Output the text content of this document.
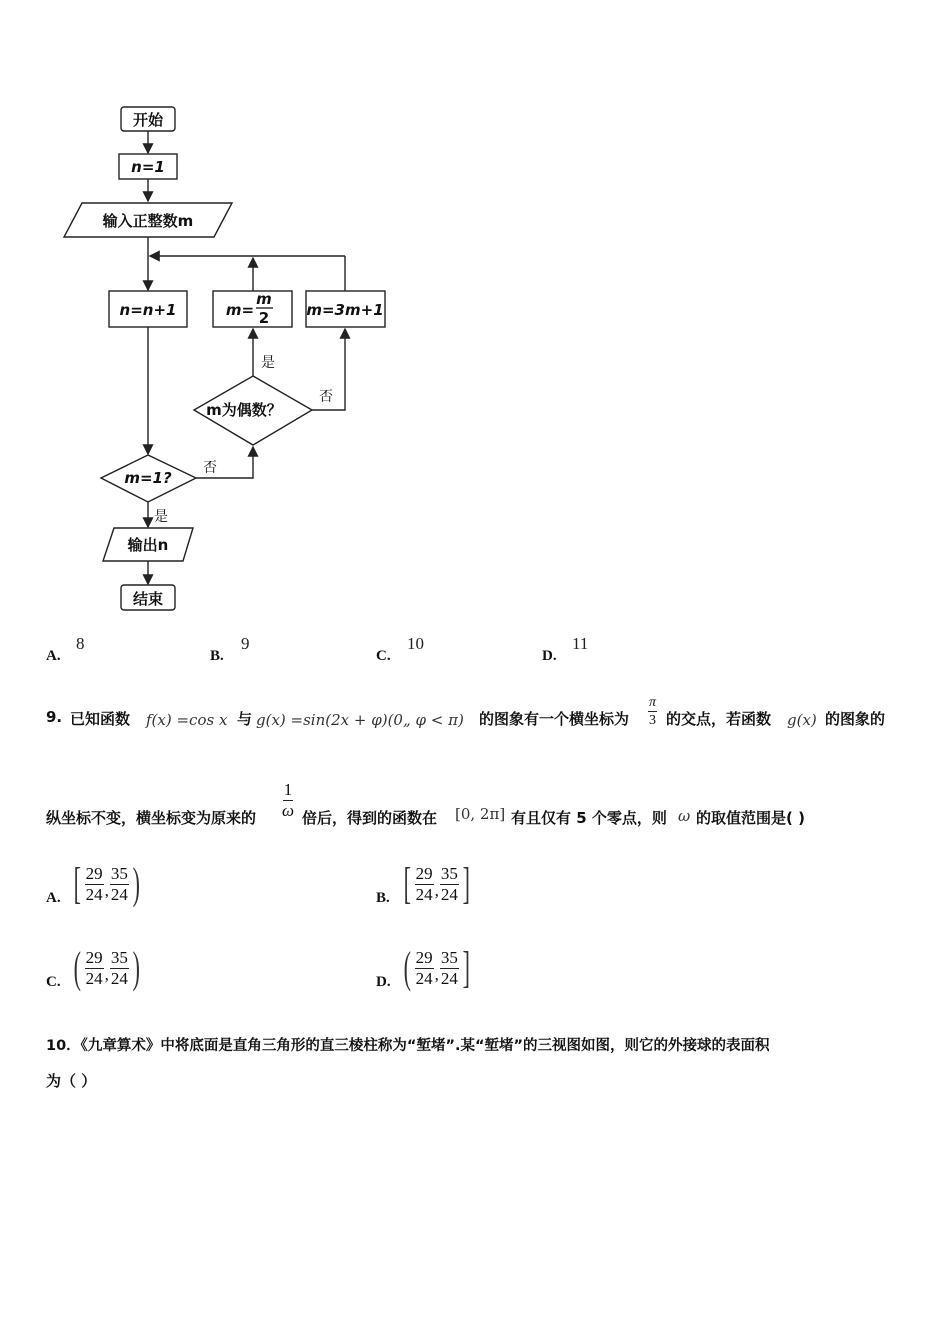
开始
n=1
输入正整数m
n=n+1	m=
m
2 m=3m+1
m为偶数？
m=1?
输出n
结束
是
否
否
是
A.
8
B.
9
C.
10
D.
11
9. 已知函数 f(x) =cos x 与 g(x) =sin(2x + φ)(0„ φ < π) 的图象有一个横坐标为 $\frac{\pi}{3}$ 的交点，若函数 g(x) 的图象的
纵坐标不变，横坐标变为原来的 $\frac{1}{\omega}$ 倍后，得到的函数在 [0, 2π] 有且仅有 5 个零点，则 ω 的取值范围是( )
A. [ $\frac{29}{24}$ , $\frac{35}{24}$ )	B. [ $\frac{29}{24}$ , $\frac{35}{24}$ ]
C. ( $\frac{29}{24}$ , $\frac{35}{24}$ )	D. ( $\frac{29}{24}$ , $\frac{35}{24}$ ]
10．《九章算术》中将底面是直角三角形的直三棱柱称为“堑堵”.某“堑堵”的三视图如图，则它的外接球的表面积
为（ ）
